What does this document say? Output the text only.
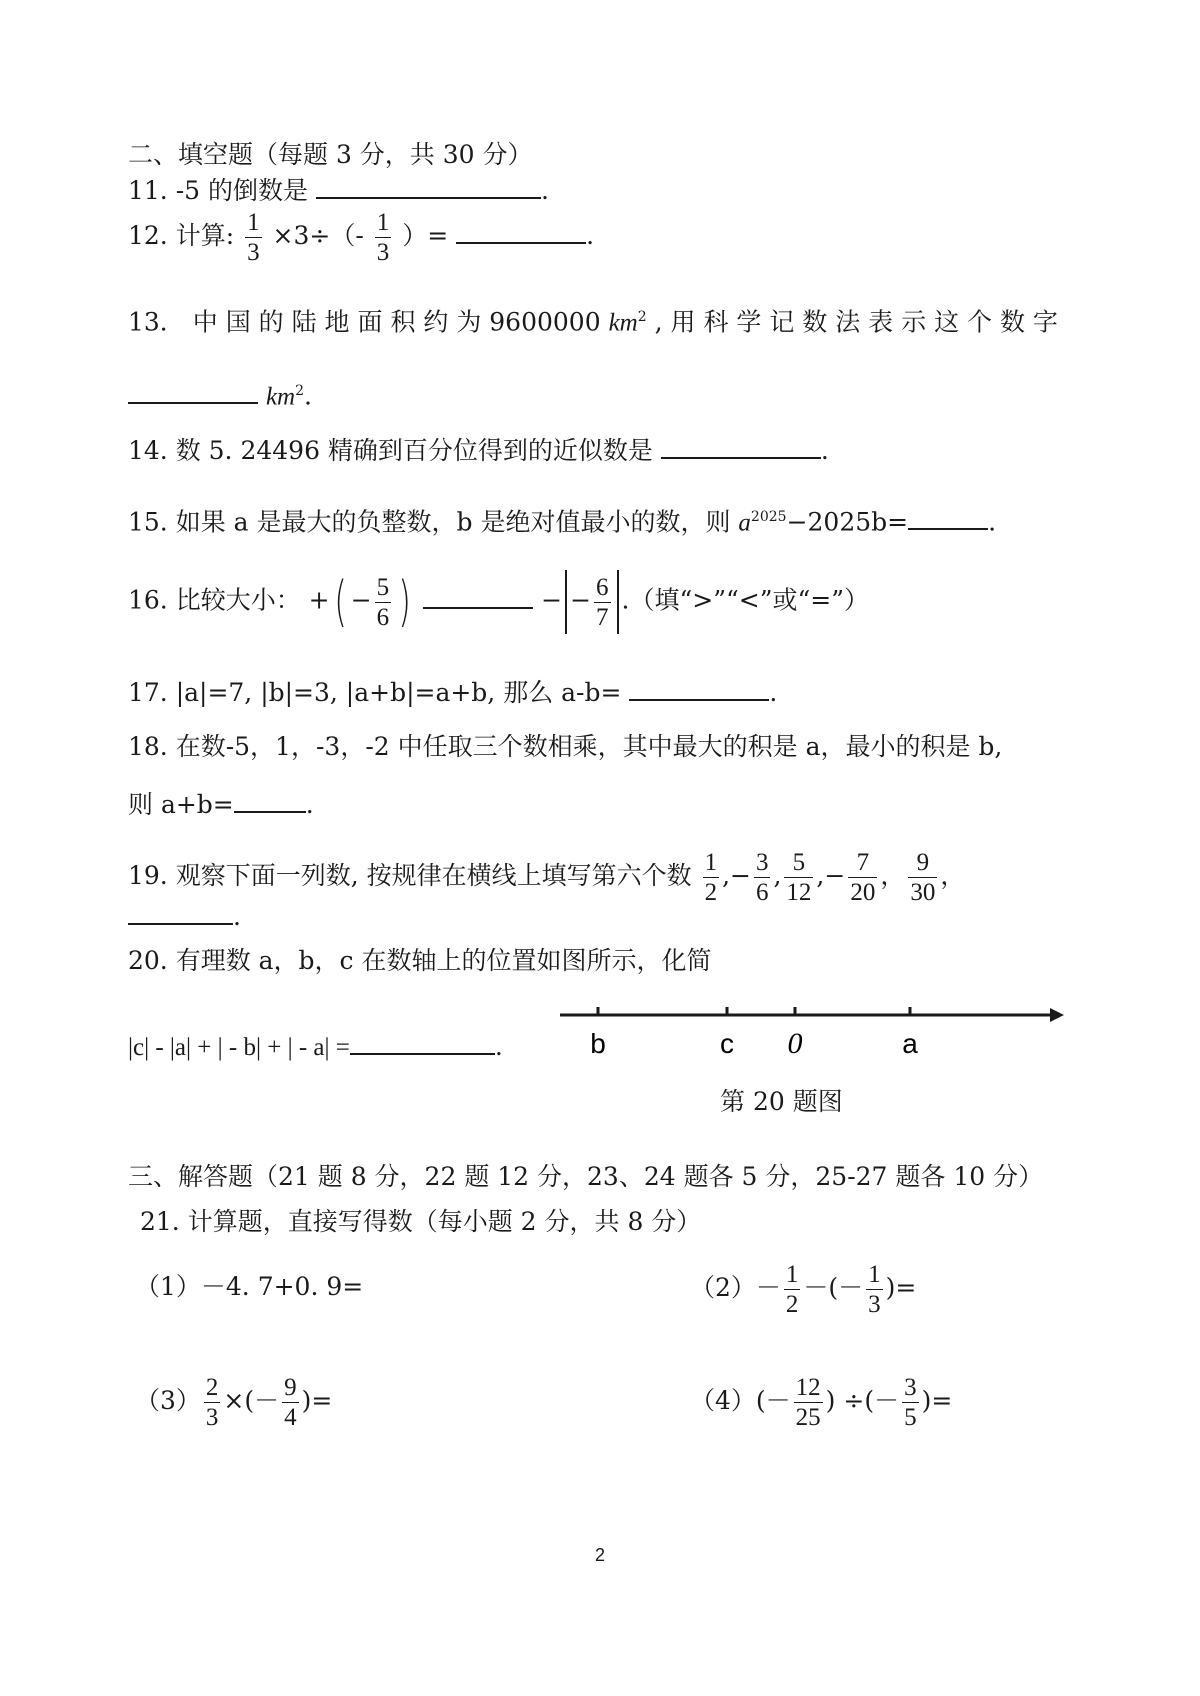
二、填空题（每题 3 分，共 30 分）
11. -5 的倒数是	.
12. 计算: $\frac{1}{3} \times 3\div(- \frac{1}{3}$ ）=	.
13． 中 国 的 陆 地 面 积 约 为 9600000 $km^2$ , 用 科 学 记 数 法 表 示 这 个 数 字
$km^2$.
14. 数 5. 24496 精确到百分位得到的近似数是	.
15. 如果 a 是最大的负整数，b 是绝对值最小的数，则 $a^{2025}-2025b=$	.
16. 比较大小： +( − $\frac{5}{6}$ )	− − $\frac{6}{7}$ .（填“>”“<”或“=”）
17. |a|=7, |b|=3, |a+b|=a+b, 那么 a-b=	.
18. 在数-5，1，-3，-2 中任取三个数相乘，其中最大的积是 a，最小的积是 b,
则 a+b=	.
19. 观察下面一列数, 按规律在横线上填写第六个数 $\frac{1}{2}$ ,− $\frac{3}{6}$ , $\frac{5}{12}$ ,− $\frac{7}{20}$ ， $\frac{9}{30}$ ，
.
20. 有理数 a，b，c 在数轴上的位置如图所示，化简
|c| - |a| + | - b| + | - a| =	.	b	c 0	a
第 20 题图
三、解答题（21 题 8 分，22 题 12 分，23、24 题各 5 分，25-27 题各 10 分）
21. 计算题，直接写得数（每小题 2 分，共 8 分）
（1）－4. 7+0. 9=	$(2)- \frac{1}{2}$ －(－ $\frac{1}{3}$ )=
$(3) \frac{2}{3}$ ×(－ $\frac{9}{4}$ )=	$(4)(- \frac{12}{25}$ ) ÷(－ $\frac{3}{5}$ )=
2
